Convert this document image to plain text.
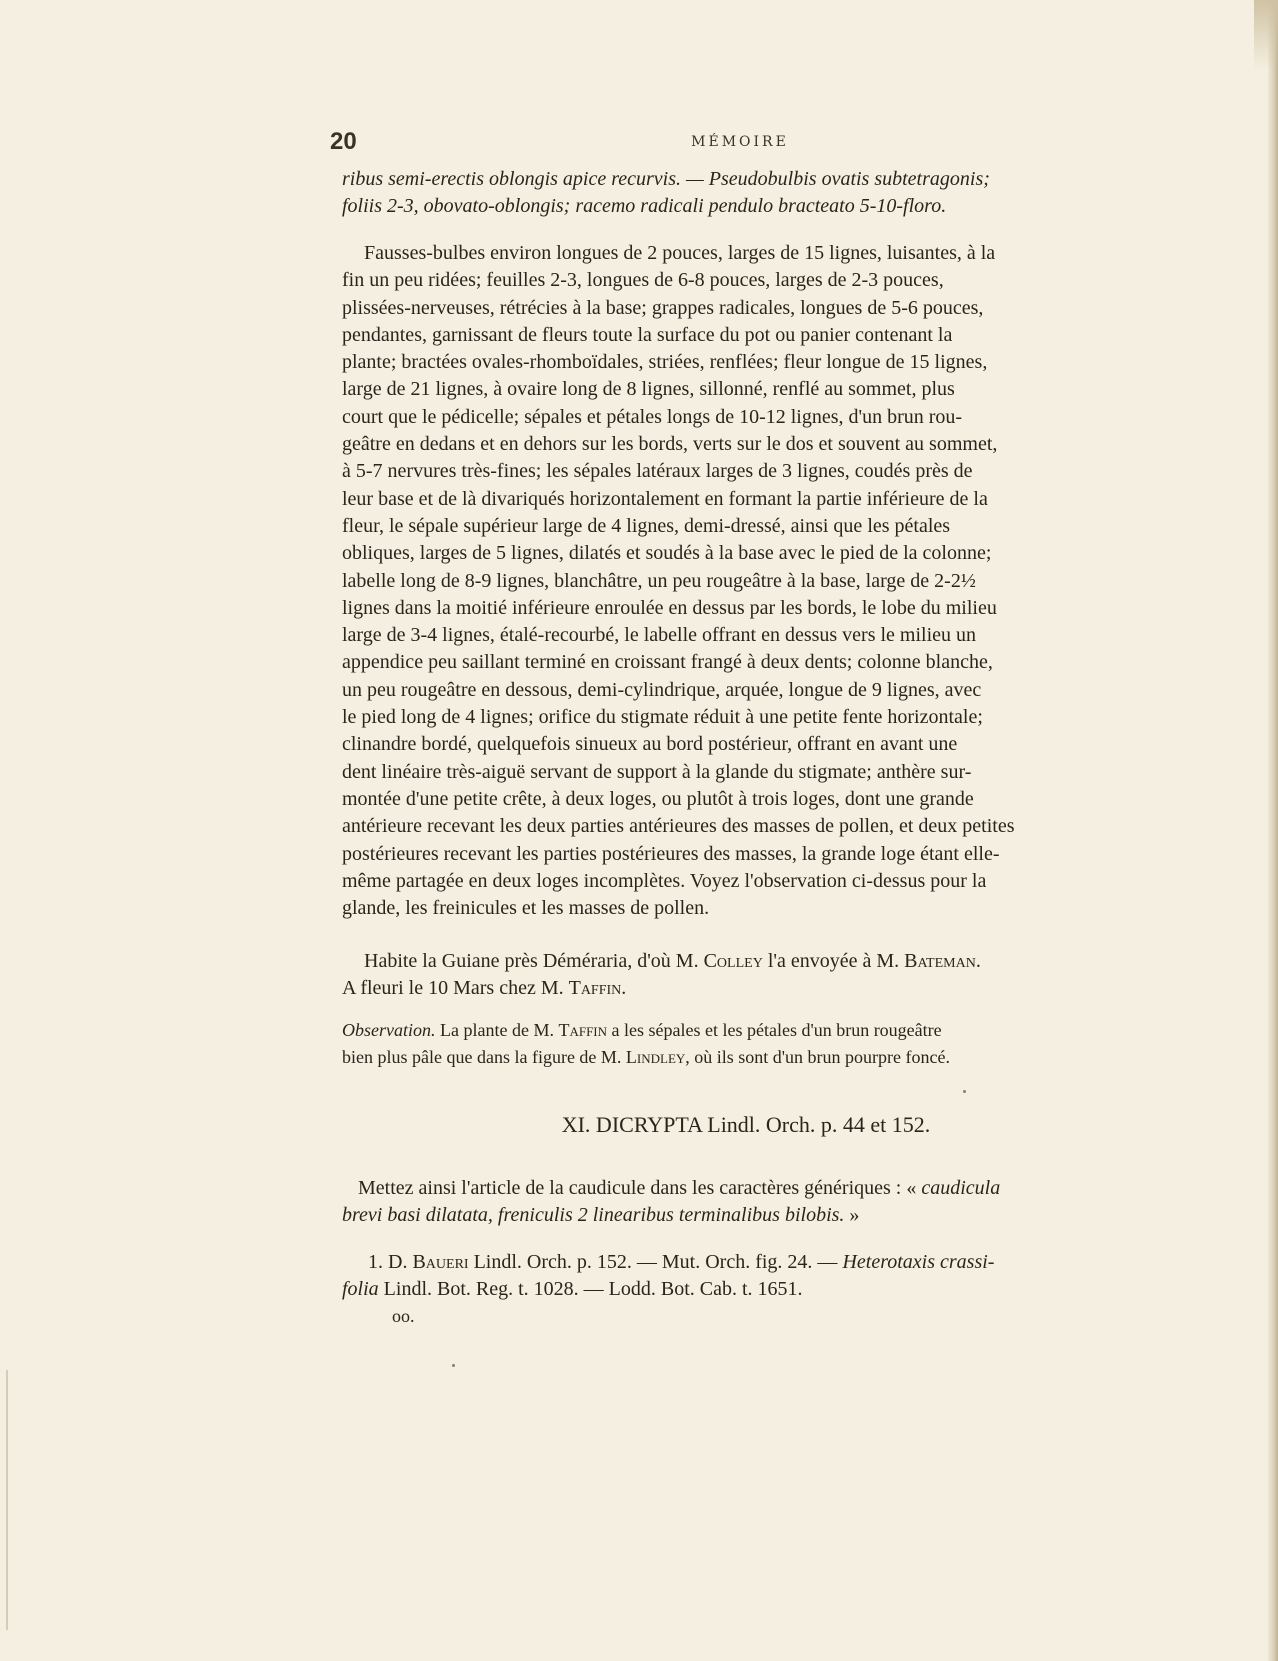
20	MÉMOIRE
ribus semi-erectis oblongis apice recurvis. — Pseudobulbis ovatis subtetragonis;
foliis 2-3, obovato-oblongis; racemo radicali pendulo bracteato 5-10-floro.
Fausses-bulbes environ longues de 2 pouces, larges de 15 lignes, luisantes, à la
fin un peu ridées; feuilles 2-3, longues de 6-8 pouces, larges de 2-3 pouces,
plissées-nerveuses, rétrécies à la base; grappes radicales, longues de 5-6 pouces,
pendantes, garnissant de fleurs toute la surface du pot ou panier contenant la
plante; bractées ovales-rhomboïdales, striées, renflées; fleur longue de 15 lignes,
large de 21 lignes, à ovaire long de 8 lignes, sillonné, renflé au sommet, plus
court que le pédicelle; sépales et pétales longs de 10-12 lignes, d'un brun rou-
geâtre en dedans et en dehors sur les bords, verts sur le dos et souvent au sommet,
à 5-7 nervures très-fines; les sépales latéraux larges de 3 lignes, coudés près de
leur base et de là divariqués horizontalement en formant la partie inférieure de la
fleur, le sépale supérieur large de 4 lignes, demi-dressé, ainsi que les pétales
obliques, larges de 5 lignes, dilatés et soudés à la base avec le pied de la colonne;
labelle long de 8-9 lignes, blanchâtre, un peu rougeâtre à la base, large de 2-2½
lignes dans la moitié inférieure enroulée en dessus par les bords, le lobe du milieu
large de 3-4 lignes, étalé-recourbé, le labelle offrant en dessus vers le milieu un
appendice peu saillant terminé en croissant frangé à deux dents; colonne blanche,
un peu rougeâtre en dessous, demi-cylindrique, arquée, longue de 9 lignes, avec
le pied long de 4 lignes; orifice du stigmate réduit à une petite fente horizontale;
clinandre bordé, quelquefois sinueux au bord postérieur, offrant en avant une
dent linéaire très-aiguë servant de support à la glande du stigmate; anthère sur-
montée d'une petite crête, à deux loges, ou plutôt à trois loges, dont une grande
antérieure recevant les deux parties antérieures des masses de pollen, et deux petites
postérieures recevant les parties postérieures des masses, la grande loge étant elle-
même partagée en deux loges incomplètes. Voyez l'observation ci-dessus pour la
glande, les freinicules et les masses de pollen.
Habite la Guiane près Déméraria, d'où M. Colley l'a envoyée à M. Bateman.
A fleuri le 10 Mars chez M. Taffin.
Observation. La plante de M. Taffin a les sépales et les pétales d'un brun rougeâtre
bien plus pâle que dans la figure de M. Lindley, où ils sont d'un brun pourpre foncé.
XI. DICRYPTA Lindl. Orch. p. 44 et 152.
Mettez ainsi l'article de la caudicule dans les caractères génériques : « caudicula
brevi basi dilatata, freniculis 2 linearibus terminalibus bilobis. »
1. D. Baueri Lindl. Orch. p. 152. — Mut. Orch. fig. 24. — Heterotaxis crassi-
folia Lindl. Bot. Reg. t. 1028. — Lodd. Bot. Cab. t. 1651.
oo.
